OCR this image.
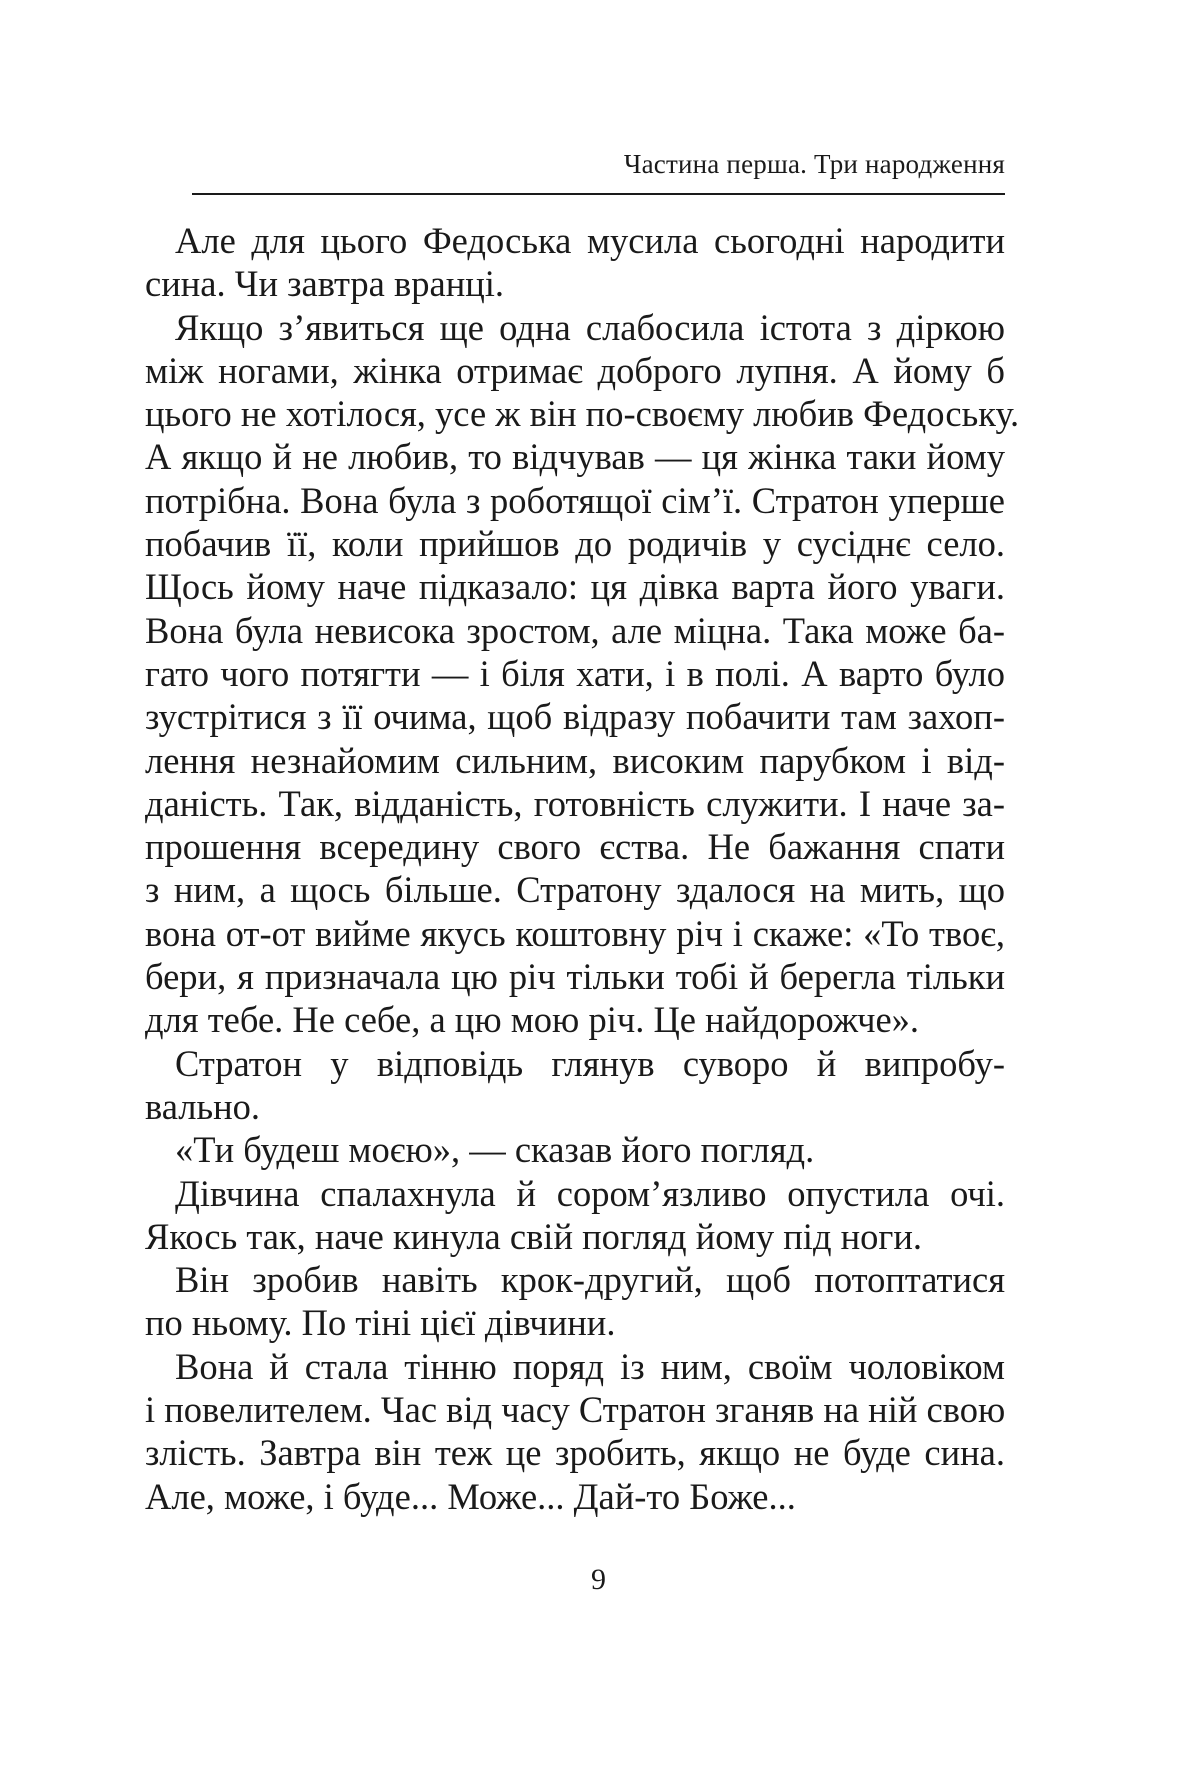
Частина перша. Три народження
Але для цього Федоська мусила сьогодні народити
сина. Чи завтра вранці.
Якщо з’явиться ще одна слабосила істота з діркою
між ногами, жінка отримає доброго лупня. А йому б
цього не хотілося, усе ж він по-своєму любив Федоську.
А якщо й не любив, то відчував — ця жінка таки йому
потрібна. Вона була з роботящої сім’ї. Стратон уперше
побачив її, коли прийшов до родичів у сусіднє село.
Щось йому наче підказало: ця дівка варта його уваги.
Вона була невисока зростом, але міцна. Така може ба-
гато чого потягти — і біля хати, і в полі. А варто було
зустрітися з її очима, щоб відразу побачити там захоп-
лення незнайомим сильним, високим парубком і від-
даність. Так, відданість, готовність служити. І наче за-
прошення всередину свого єства. Не бажання спати
з ним, а щось більше. Стратону здалося на мить, що
вона от-от вийме якусь коштовну річ і скаже: «То твоє,
бери, я призначала цю річ тільки тобі й берегла тільки
для тебе. Не себе, а цю мою річ. Це найдорожче».
Стратон у відповідь глянув суворо й випробу-
вально.
«Ти будеш моєю», — сказав його погляд.
Дівчина спалахнула й сором’язливо опустила очі.
Якось так, наче кинула свій погляд йому під ноги.
Він зробив навіть крок-другий, щоб потоптатися
по ньому. По тіні цієї дівчини.
Вона й стала тінню поряд із ним, своїм чоловіком
і повелителем. Час від часу Стратон зганяв на ній свою
злість. Завтра він теж це зробить, якщо не буде сина.
Але, може, і буде... Може... Дай-то Боже...
9
